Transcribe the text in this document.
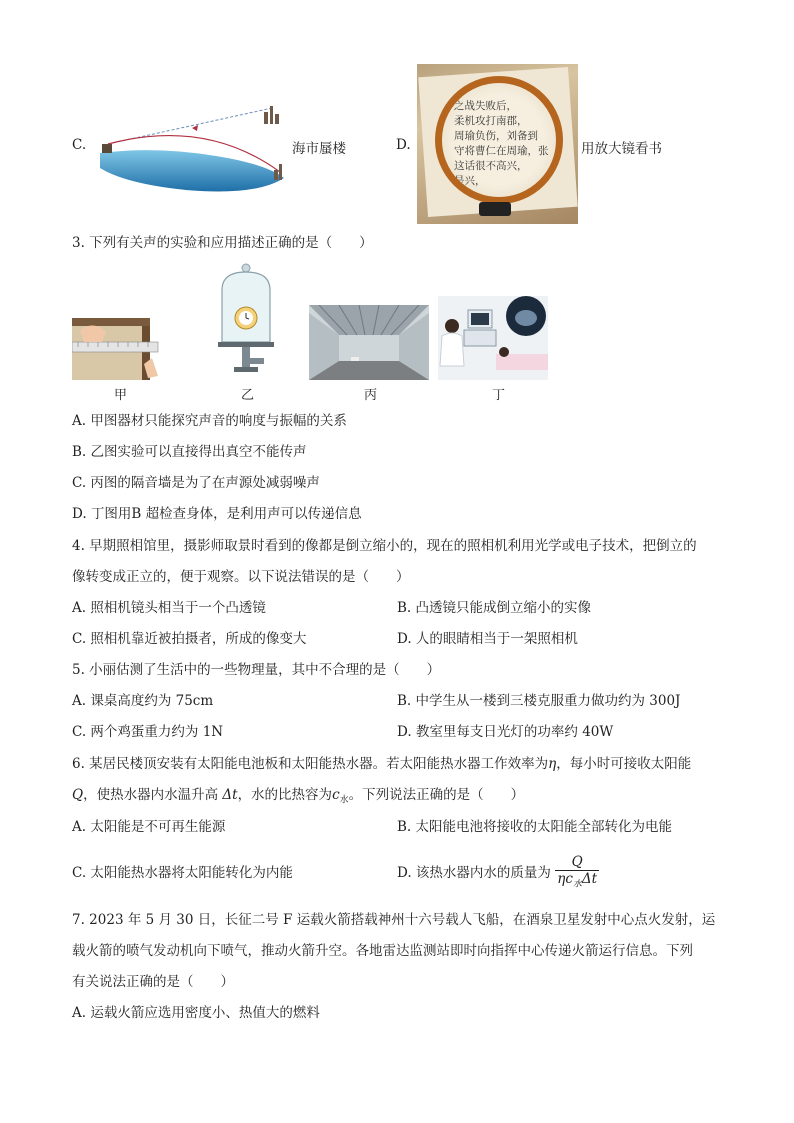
C.	海市蜃楼	D.
之战失败后，
柔机攻打南郡，
周瑜负伤，刘备到
守将曹仁在周瑜，张
这话很不高兴，
是兴，
用放大镜看书
3. 下列有关声的实验和应用描述正确的是（　　）
甲	乙	丙	丁
A. 甲图器材只能探究声音的响度与振幅的关系
B. 乙图实验可以直接得出真空不能传声
C. 丙图的隔音墙是为了在声源处减弱噪声
D. 丁图用B 超检查身体，是利用声可以传递信息
4. 早期照相馆里，摄影师取景时看到的像都是倒立缩小的，现在的照相机利用光学或电子技术，把倒立的
像转变成正立的，便于观察。以下说法错误的是（　　）
A. 照相机镜头相当于一个凸透镜	B. 凸透镜只能成倒立缩小的实像
C. 照相机靠近被拍摄者，所成的像变大	D. 人的眼睛相当于一架照相机
5. 小丽估测了生活中的一些物理量，其中不合理的是（　　）
A. 课桌高度约为 75cm	B. 中学生从一楼到三楼克服重力做功约为 300J
C. 两个鸡蛋重力约为 1N	D. 教室里每支日光灯的功率约 40W
6. 某居民楼顶安装有太阳能电池板和太阳能热水器。若太阳能热水器工作效率为η，每小时可接收太阳能
Q，使热水器内水温升高 Δt，水的比热容为$c_水$。下列说法正确的是（　　）
A. 太阳能是不可再生能源	B. 太阳能电池将接收的太阳能全部转化为电能
C. 太阳能热水器将太阳能转化为内能	D. 该热水器内水的质量为 $\frac{Q}{\eta c_水\Delta t}$
7. 2023 年 5 月 30 日，长征二号 F 运载火箭搭载神州十六号载人飞船，在酒泉卫星发射中心点火发射，运
载火箭的喷气发动机向下喷气，推动火箭升空。各地雷达监测站即时向指挥中心传递火箭运行信息。下列
有关说法正确的是（　　）
A. 运载火箭应选用密度小、热值大的燃料
